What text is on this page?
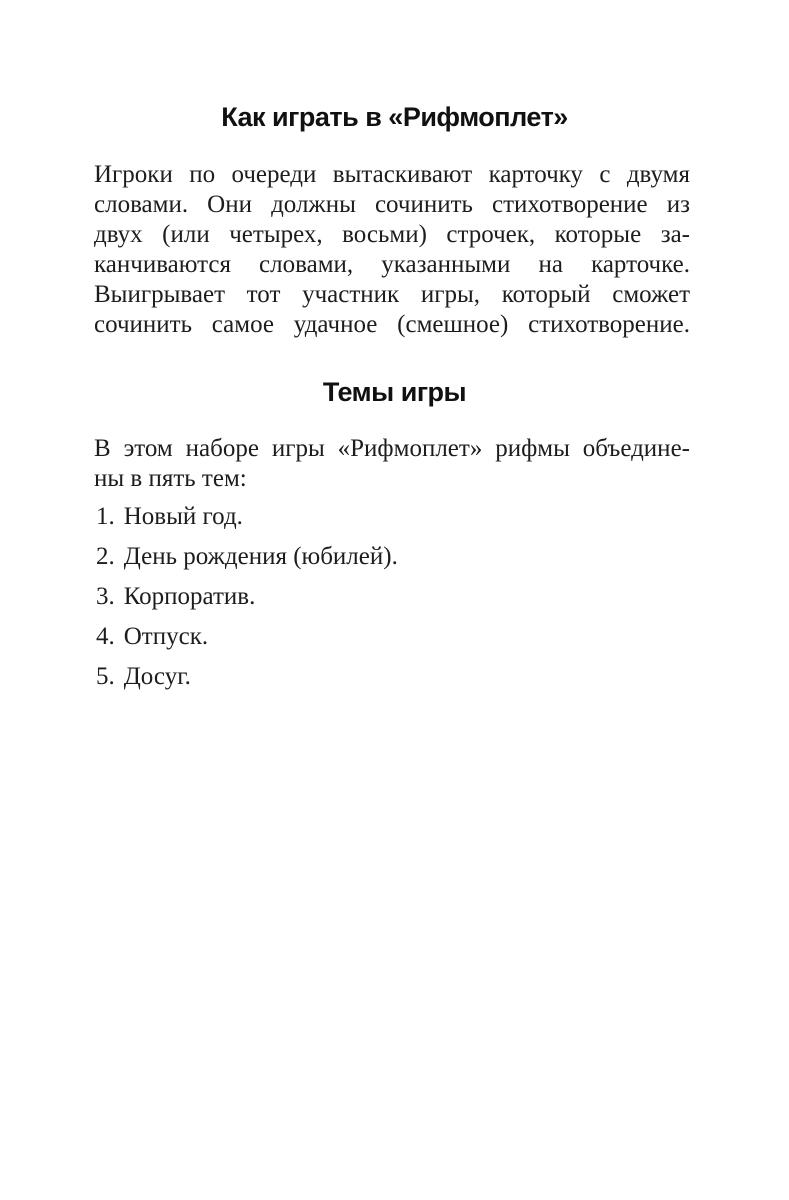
Как играть в «Рифмоплет»
Игроки по очереди вытаскивают карточку с двумя
словами. Они должны сочинить стихотворение из
двух (или четырех, восьми) строчек, которые за-
канчиваются словами, указанными на карточке.
Выигрывает тот участник игры, который сможет
сочинить самое удачное (смешное) стихотворение.
Темы игры
В этом наборе игры «Рифмоплет» рифмы объедине-
ны в пять тем:
1. Новый год.
2. День рождения (юбилей).
3. Корпоратив.
4. Отпуск.
5. Досуг.
